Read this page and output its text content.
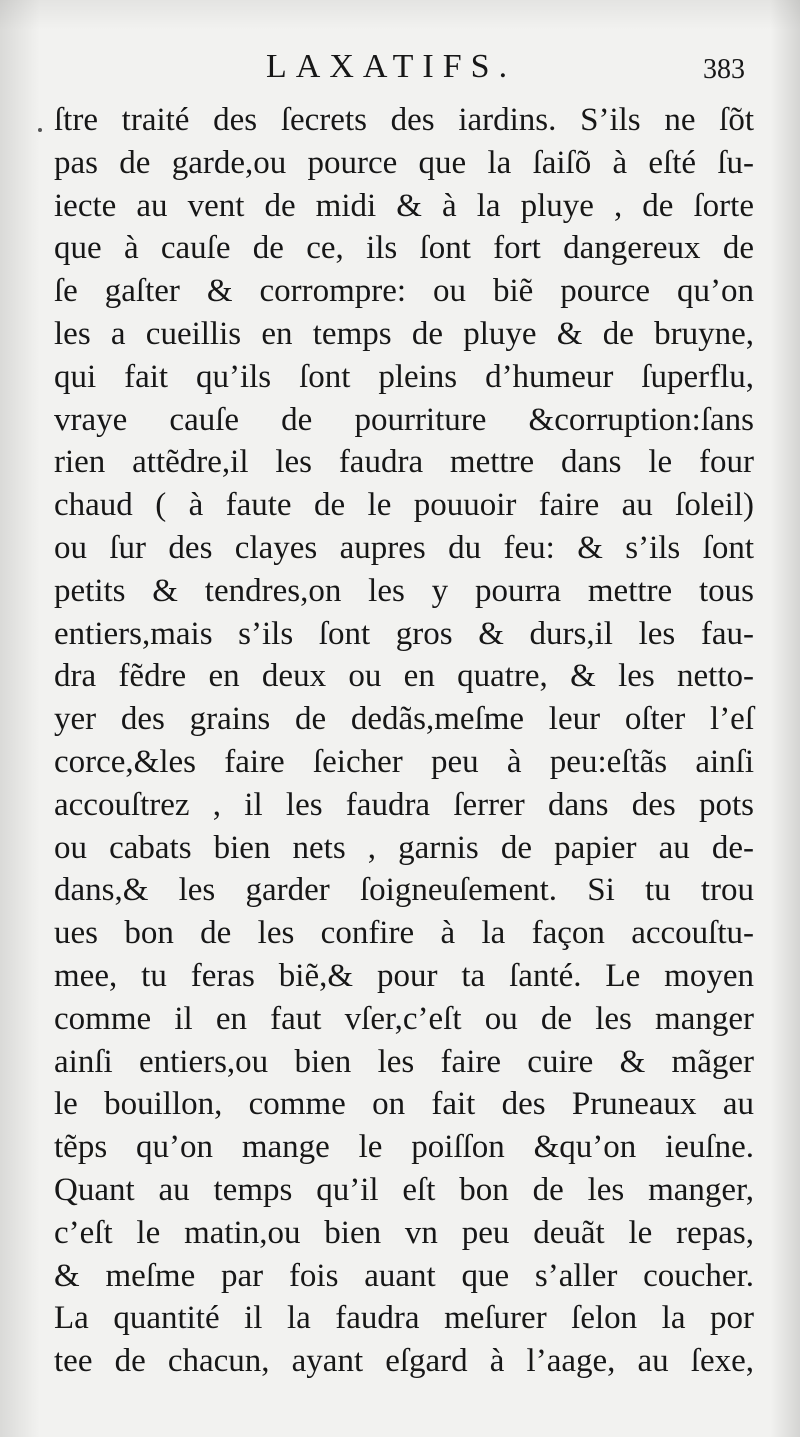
LAXATIFS.	383
ſtre traité des ſecrets des iardins. S’ils ne ſõt
pas de garde,ou pource que la ſaiſõ à eſté ſu-
iecte au vent de midi & à la pluye , de ſorte
que à cauſe de ce, ils ſont fort dangereux de
ſe gaſter & corrompre: ou biẽ pource qu’on
les a cueillis en temps de pluye & de bruyne,
qui fait qu’ils ſont pleins d’humeur ſuperflu,
vraye cauſe de pourriture &corruption:ſans
rien attẽdre,il les faudra mettre dans le four
chaud ( à faute de le pouuoir faire au ſoleil)
ou ſur des clayes aupres du feu: & s’ils ſont
petits & tendres,on les y pourra mettre tous
entiers,mais s’ils ſont gros & durs,il les fau-
dra fẽdre en deux ou en quatre, & les netto-
yer des grains de dedãs,meſme leur oſter l’eſ
corce,&les faire ſeicher peu à peu:eſtãs ainſi
accouſtrez , il les faudra ſerrer dans des pots
ou cabats bien nets , garnis de papier au de-
dans,& les garder ſoigneuſement. Si tu trou
ues bon de les confire à la façon accouſtu-
mee, tu feras biẽ,& pour ta ſanté. Le moyen
comme il en faut vſer,c’eſt ou de les manger
ainſi entiers,ou bien les faire cuire & mãger
le bouillon, comme on fait des Pruneaux au
tẽps qu’on mange le poiſſon &qu’on ieuſne.
Quant au temps qu’il eſt bon de les manger,
c’eſt le matin,ou bien vn peu deuãt le repas,
& meſme par fois auant que s’aller coucher.
La quantité il la faudra meſurer ſelon la por
tee de chacun, ayant eſgard à l’aage, au ſexe,
